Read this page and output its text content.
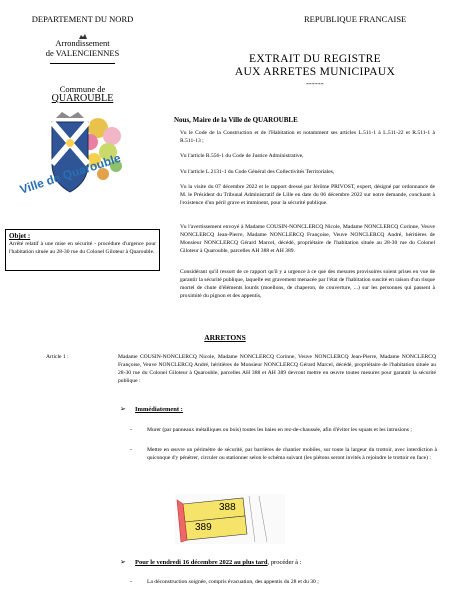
DEPARTEMENT DU NORD
Arrondissement
de VALENCIENNES
Commune de
QUAROUBLE
Ville de Quarouble
REPUBLIQUE FRANCAISE
EXTRAIT DU REGISTRE
AUX ARRETES MUNICIPAUX
------
Objet :
Arrêté relatif à une mise en sécurité - procédure d'urgence pour l'habitation située au 28-30 rue du Colonel Giloteur à Quarouble.
Nous, Maire de la Ville de QUAROUBLE
Vu le Code de la Construction et de l'Habitation et notamment ses articles L.511-1 à L.511-22 et R.511-1 à R.511-13 ;
Vu l'article R.556-1 du Code de Justice Administrative,
Vu l'article L.2131-1 du Code Général des Collectivités Territoriales,
Vu la visite du 07 décembre 2022 et le rapport dressé par Jérôme PRIVOST, expert, désigné par ordonnance de M. le Président du Tribunal Administratif de Lille en date du 06 décembre 2022 sur notre demande, concluant à l'existence d'un péril grave et imminent, pour la sécurité publique.
Vu l'avertissement envoyé à Madame COUSIN-NONCLERCQ Nicole, Madame NONCLERCQ Corinne, Veuve NONCLERCQ Jean-Pierre, Madame NONCLERCQ Françoise, Veuve NONCLERCQ André, héritières de Monsieur NONCLERCQ Gérard Marcel, décédé, propriétaire de l'habitation située au 28-30 rue du Colonel Giloteur à Quarouble, parcelles AH 388 et AH 389.
Considérant qu'il ressort de ce rapport qu'il y a urgence à ce que des mesures provisoires soient prises en vue de garantir la sécurité publique, laquelle est gravement menacée par l'état de l'habitation suscité en raison d'un risque mortel de chute d'éléments lourds (moellons, de chaperon, de couverture, ...) sur les personnes qui passent à proximité du pignon et des appentis,
ARRETONS
Article 1 :	Madame COUSIN-NONCLERCQ Nicole, Madame NONCLERCQ Corinne, Veuve NONCLERCQ Jean-Pierre, Madame NONCLERCQ Françoise, Veuve NONCLERCQ André, héritières de Monsieur NONCLERCQ Gérard Marcel, décédé, propriétaire de l'habitation située au 28-30 rue du Colonel Giloteur à Quarouble, parcelles AH 388 et AH 389 devront mettre en œuvre toutes mesures pour garantir la sécurité publique :
➢ Immédiatement :
-	Murer (par panneaux métalliques ou bois) toutes les baies en rez-de-chaussée, afin d'éviter les squats et les intrusions ;
-	Mettre en œuvre un périmètre de sécurité, par barrières de chantier mobiles, sur toute la largeur du trottoir, avec interdiction à quiconque d'y pénétrer, circuler ou stationner selon le schéma suivant (les piétons seront invités à rejoindre le trottoir en face) :
388
389
➢ Pour le vendredi 16 décembre 2022 au plus tard, procéder à :
-	La déconstruction soignée, compris évacuation, des appentis du 28 et du 30 ;
